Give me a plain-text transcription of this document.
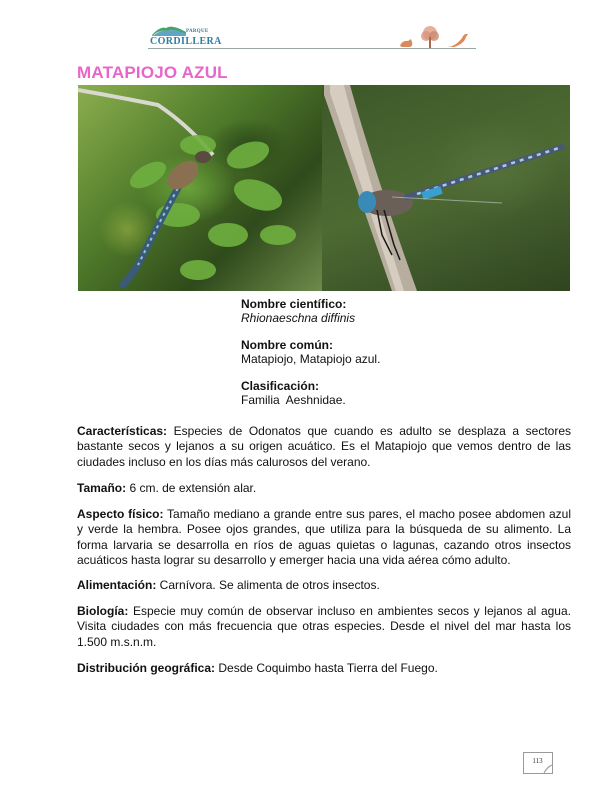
PARQUE
CORDILLERA
MATAPIOJO AZUL
Nombre científico:
Rhionaeschna diffinis
Nombre común:
Matapiojo, Matapiojo azul.
Clasificación:
Familia  Aeshnidae.
Características: Especies de Odonatos que cuando es adulto se desplaza a sectores bastante secos y lejanos a su origen acuático. Es el Matapiojo que vemos dentro de las ciudades incluso en los días más calurosos del verano.
Tamaño: 6 cm. de extensión alar.
Aspecto físico: Tamaño mediano a grande entre sus pares, el macho posee abdomen azul y verde la hembra. Posee ojos grandes, que utiliza para la búsqueda de su alimento. La forma larvaria se desarrolla en ríos de aguas quietas o lagunas, cazando otros insectos acuáticos hasta lograr su desarrollo y emerger hacia una vida aérea cómo adulto.
Alimentación: Carnívora. Se alimenta de otros insectos.
Biología: Especie muy común de observar incluso en ambientes secos y lejanos al agua. Visita ciudades con más frecuencia que otras especies. Desde el nivel del mar hasta los 1.500 m.s.n.m.
Distribución geográfica: Desde Coquimbo hasta Tierra del Fuego.
113
